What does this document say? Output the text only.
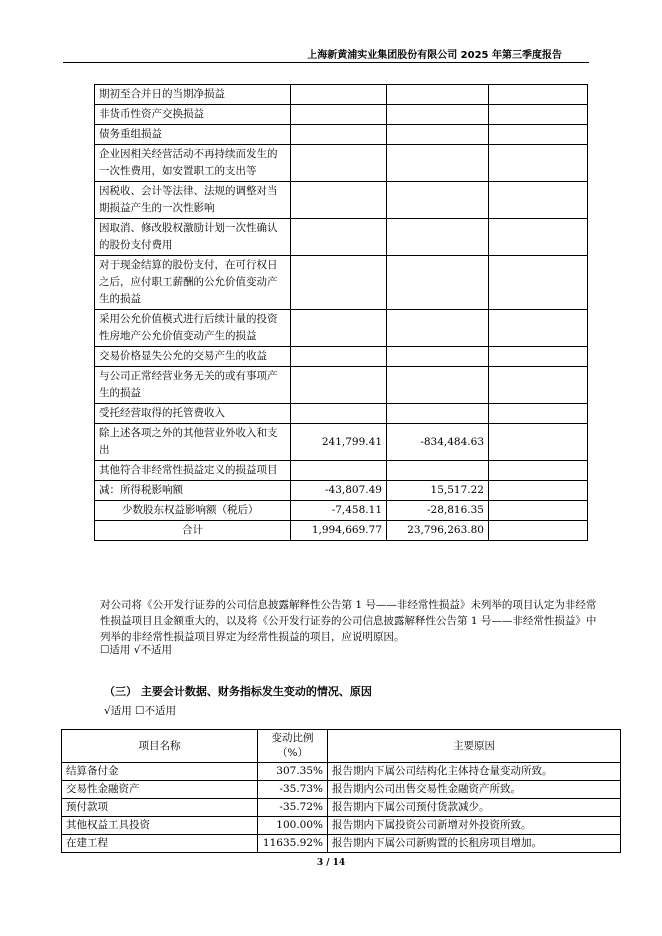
上海新黄浦实业集团股份有限公司 2025 年第三季度报告
期初至合并日的当期净损益			
非货币性资产交换损益			
债务重组损益			
企业因相关经营活动不再持续而发生的一次性费用，如安置职工的支出等			
因税收、会计等法律、法规的调整对当期损益产生的一次性影响			
因取消、修改股权激励计划一次性确认的股份支付费用			
对于现金结算的股份支付，在可行权日之后，应付职工薪酬的公允价值变动产生的损益			
采用公允价值模式进行后续计量的投资性房地产公允价值变动产生的损益			
交易价格显失公允的交易产生的收益			
与公司正常经营业务无关的或有事项产生的损益			
受托经营取得的托管费收入			
除上述各项之外的其他营业外收入和支出	241,799.41	-834,484.63	
其他符合非经常性损益定义的损益项目			
减：所得税影响额	-43,807.49	15,517.22	
少数股东权益影响额（税后）	-7,458.11	-28,816.35	
合计	1,994,669.77	23,796,263.80	
对公司将《公开发行证券的公司信息披露解释性公告第 1 号——非经常性损益》未列举的项目认定为非经常性损益项目且金额重大的，以及将《公开发行证券的公司信息披露解释性公告第 1 号——非经常性损益》中列举的非经常性损益项目界定为经常性损益的项目，应说明原因。
☐适用 √不适用
（三） 主要会计数据、财务指标发生变动的情况、原因
√适用 ☐不适用
项目名称	变动比例（%）	主要原因
结算备付金	307.35%	报告期内下属公司结构化主体持仓量变动所致。
交易性金融资产	-35.73%	报告期内公司出售交易性金融资产所致。
预付款项	-35.72%	报告期内下属公司预付货款减少。
其他权益工具投资	100.00%	报告期内下属投资公司新增对外投资所致。
在建工程	11635.92%	报告期内下属公司新购置的长租房项目增加。
3 / 14
